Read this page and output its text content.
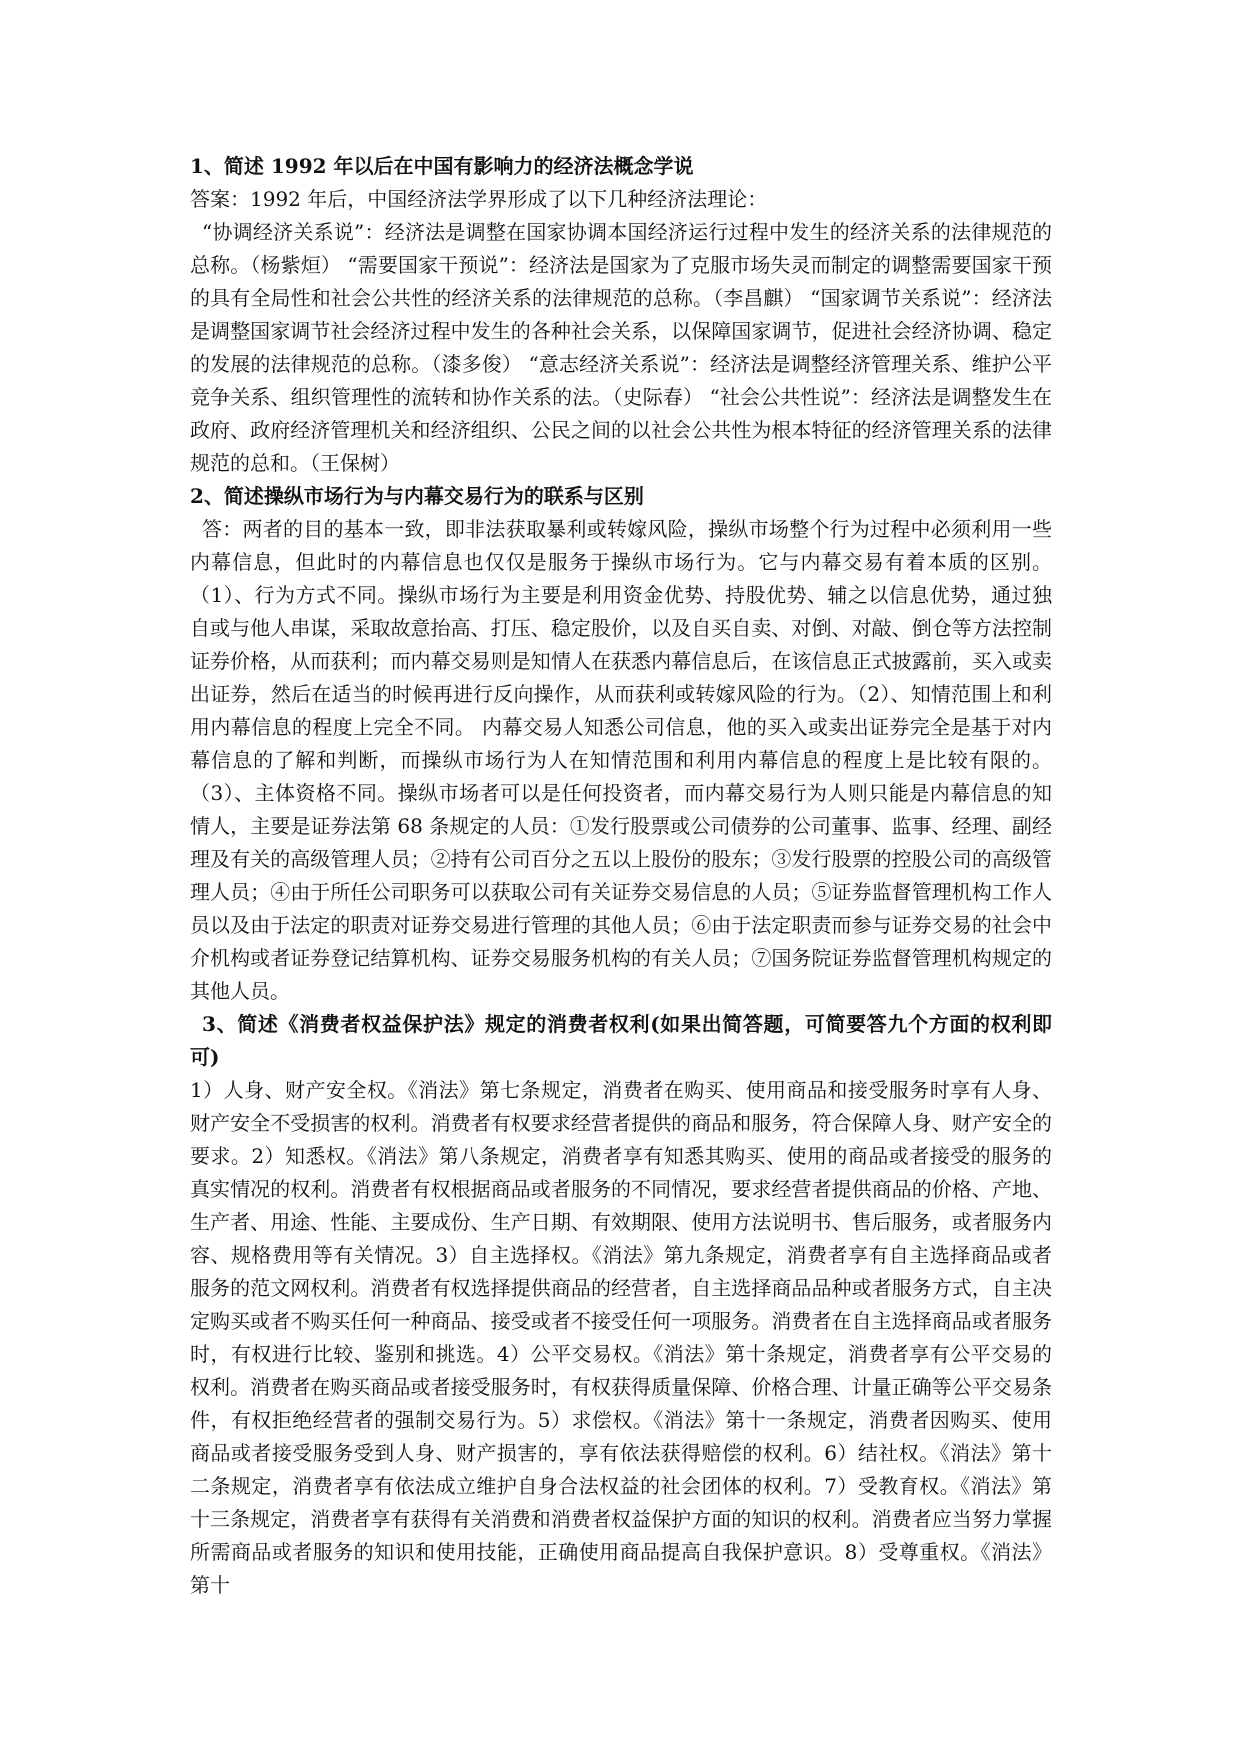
1、简述 1992 年以后在中国有影响力的经济法概念学说

答案：1992 年后，中国经济法学界形成了以下几种经济法理论：

“协调经济关系说”：经济法是调整在国家协调本国经济运行过程中发生的经济关系的法律规范的总称。（杨紫烜） “需要国家干预说”：经济法是国家为了克服市场失灵而制定的调整需要国家干预的具有全局性和社会公共性的经济关系的法律规范的总称。（李昌麒） “国家调节关系说”：经济法是调整国家调节社会经济过程中发生的各种社会关系，以保障国家调节，促进社会经济协调、稳定的发展的法律规范的总称。（漆多俊） “意志经济关系说”：经济法是调整经济管理关系、维护公平竞争关系、组织管理性的流转和协作关系的法。（史际春） “社会公共性说”：经济法是调整发生在政府、政府经济管理机关和经济组织、公民之间的以社会公共性为根本特征的经济管理关系的法律规范的总和。（王保树）

2、简述操纵市场行为与内幕交易行为的联系与区别

答：两者的目的基本一致，即非法获取暴利或转嫁风险，操纵市场整个行为过程中必须利用一些内幕信息，但此时的内幕信息也仅仅是服务于操纵市场行为。它与内幕交易有着本质的区别。（1）、行为方式不同。操纵市场行为主要是利用资金优势、持股优势、辅之以信息优势，通过独自或与他人串谋，采取故意抬高、打压、稳定股价，以及自买自卖、对倒、对敲、倒仓等方法控制证券价格，从而获利；而内幕交易则是知情人在获悉内幕信息后，在该信息正式披露前，买入或卖出证券，然后在适当的时候再进行反向操作，从而获利或转嫁风险的行为。（2）、知情范围上和利用内幕信息的程度上完全不同。 内幕交易人知悉公司信息，他的买入或卖出证券完全是基于对内幕信息的了解和判断，而操纵市场行为人在知情范围和利用内幕信息的程度上是比较有限的。（3）、主体资格不同。操纵市场者可以是任何投资者，而内幕交易行为人则只能是内幕信息的知情人，主要是证券法第 68 条规定的人员：①发行股票或公司债券的公司董事、监事、经理、副经理及有关的高级管理人员；②持有公司百分之五以上股份的股东；③发行股票的控股公司的高级管理人员；④由于所任公司职务可以获取公司有关证券交易信息的人员；⑤证券监督管理机构工作人员以及由于法定的职责对证券交易进行管理的其他人员；⑥由于法定职责而参与证券交易的社会中介机构或者证券登记结算机构、证券交易服务机构的有关人员；⑦国务院证券监督管理机构规定的其他人员。

3、简述《消费者权益保护法》规定的消费者权利(如果出简答题，可简要答九个方面的权利即可)

1）人身、财产安全权。《消法》第七条规定，消费者在购买、使用商品和接受服务时享有人身、财产安全不受损害的权利。消费者有权要求经营者提供的商品和服务，符合保障人身、财产安全的要求。2）知悉权。《消法》第八条规定，消费者享有知悉其购买、使用的商品或者接受的服务的真实情况的权利。消费者有权根据商品或者服务的不同情况，要求经营者提供商品的价格、产地、生产者、用途、性能、主要成份、生产日期、有效期限、使用方法说明书、售后服务，或者服务内容、规格费用等有关情况。3）自主选择权。《消法》第九条规定，消费者享有自主选择商品或者服务的范文网权利。消费者有权选择提供商品的经营者，自主选择商品品种或者服务方式，自主决定购买或者不购买任何一种商品、接受或者不接受任何一项服务。消费者在自主选择商品或者服务时，有权进行比较、鉴别和挑选。4）公平交易权。《消法》第十条规定，消费者享有公平交易的权利。消费者在购买商品或者接受服务时，有权获得质量保障、价格合理、计量正确等公平交易条件，有权拒绝经营者的强制交易行为。5）求偿权。《消法》第十一条规定，消费者因购买、使用商品或者接受服务受到人身、财产损害的，享有依法获得赔偿的权利。6）结社权。《消法》第十二条规定，消费者享有依法成立维护自身合法权益的社会团体的权利。7）受教育权。《消法》第十三条规定，消费者享有获得有关消费和消费者权益保护方面的知识的权利。消费者应当努力掌握所需商品或者服务的知识和使用技能，正确使用商品提高自我保护意识。8）受尊重权。《消法》第十
